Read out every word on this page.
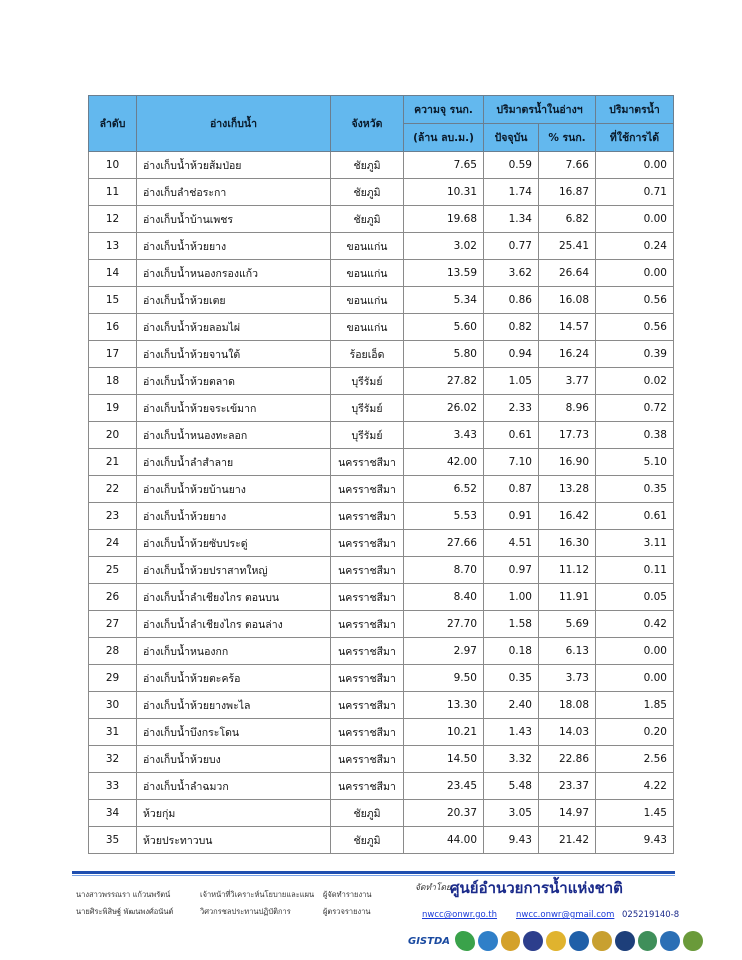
ลำดับ	อ่างเก็บน้ำ	จังหวัด	ความจุ รนก.	ปริมาตรน้ำในอ่างฯ		ปริมาตรน้ำ
			(ล้าน ลบ.ม.)	ปัจจุบัน	% รนก.	ที่ใช้การได้
10	อ่างเก็บน้ำห้วยส้มป่อย	ชัยภูมิ	7.65	0.59	7.66	0.00
11	อ่างเก็บลำช่อระกา	ชัยภูมิ	10.31	1.74	16.87	0.71
12	อ่างเก็บน้ำบ้านเพชร	ชัยภูมิ	19.68	1.34	6.82	0.00
13	อ่างเก็บน้ำห้วยยาง	ขอนแก่น	3.02	0.77	25.41	0.24
14	อ่างเก็บน้ำหนองกรองแก้ว	ขอนแก่น	13.59	3.62	26.64	0.00
15	อ่างเก็บน้ำห้วยเตย	ขอนแก่น	5.34	0.86	16.08	0.56
16	อ่างเก็บน้ำห้วยลอมไผ่	ขอนแก่น	5.60	0.82	14.57	0.56
17	อ่างเก็บน้ำห้วยจานใต้	ร้อยเอ็ด	5.80	0.94	16.24	0.39
18	อ่างเก็บน้ำห้วยตลาด	บุรีรัมย์	27.82	1.05	3.77	0.02
19	อ่างเก็บน้ำห้วยจระเข้มาก	บุรีรัมย์	26.02	2.33	8.96	0.72
20	อ่างเก็บน้ำหนองทะลอก	บุรีรัมย์	3.43	0.61	17.73	0.38
21	อ่างเก็บน้ำลำสำลาย	นครราชสีมา	42.00	7.10	16.90	5.10
22	อ่างเก็บน้ำห้วยบ้านยาง	นครราชสีมา	6.52	0.87	13.28	0.35
23	อ่างเก็บน้ำห้วยยาง	นครราชสีมา	5.53	0.91	16.42	0.61
24	อ่างเก็บน้ำห้วยซับประดู่	นครราชสีมา	27.66	4.51	16.30	3.11
25	อ่างเก็บน้ำห้วยปราสาทใหญ่	นครราชสีมา	8.70	0.97	11.12	0.11
26	อ่างเก็บน้ำลำเชียงไกร ตอนบน	นครราชสีมา	8.40	1.00	11.91	0.05
27	อ่างเก็บน้ำลำเชียงไกร ตอนล่าง	นครราชสีมา	27.70	1.58	5.69	0.42
28	อ่างเก็บน้ำหนองกก	นครราชสีมา	2.97	0.18	6.13	0.00
29	อ่างเก็บน้ำห้วยตะคร้อ	นครราชสีมา	9.50	0.35	3.73	0.00
30	อ่างเก็บน้ำห้วยยางพะไล	นครราชสีมา	13.30	2.40	18.08	1.85
31	อ่างเก็บน้ำบึงกระโดน	นครราชสีมา	10.21	1.43	14.03	0.20
32	อ่างเก็บน้ำห้วยบง	นครราชสีมา	14.50	3.32	22.86	2.56
33	อ่างเก็บน้ำลำฉมวก	นครราชสีมา	23.45	5.48	23.37	4.22
34	ห้วยกุ่ม	ชัยภูมิ	20.37	3.05	14.97	1.45
35	ห้วยประทาวบน	ชัยภูมิ	44.00	9.43	21.42	9.43
นางสาวพรรณรา แก้วนพรัตน์
นายศิระพิสิษฐ์ พัฒนพงศ์อนันต์
เจ้าหน้าที่วิเคราะห์นโยบายและแผน
วิศวกรชลประทานปฏิบัติการ
ผู้จัดทำรายงาน
ผู้ตรวจรายงาน
จัดทำโดย:
ศูนย์อำนวยการน้ำแห่งชาติ
nwcc@onwr.go.th nwcc.onwr@gmail.com 025219140-8
GISTDA
